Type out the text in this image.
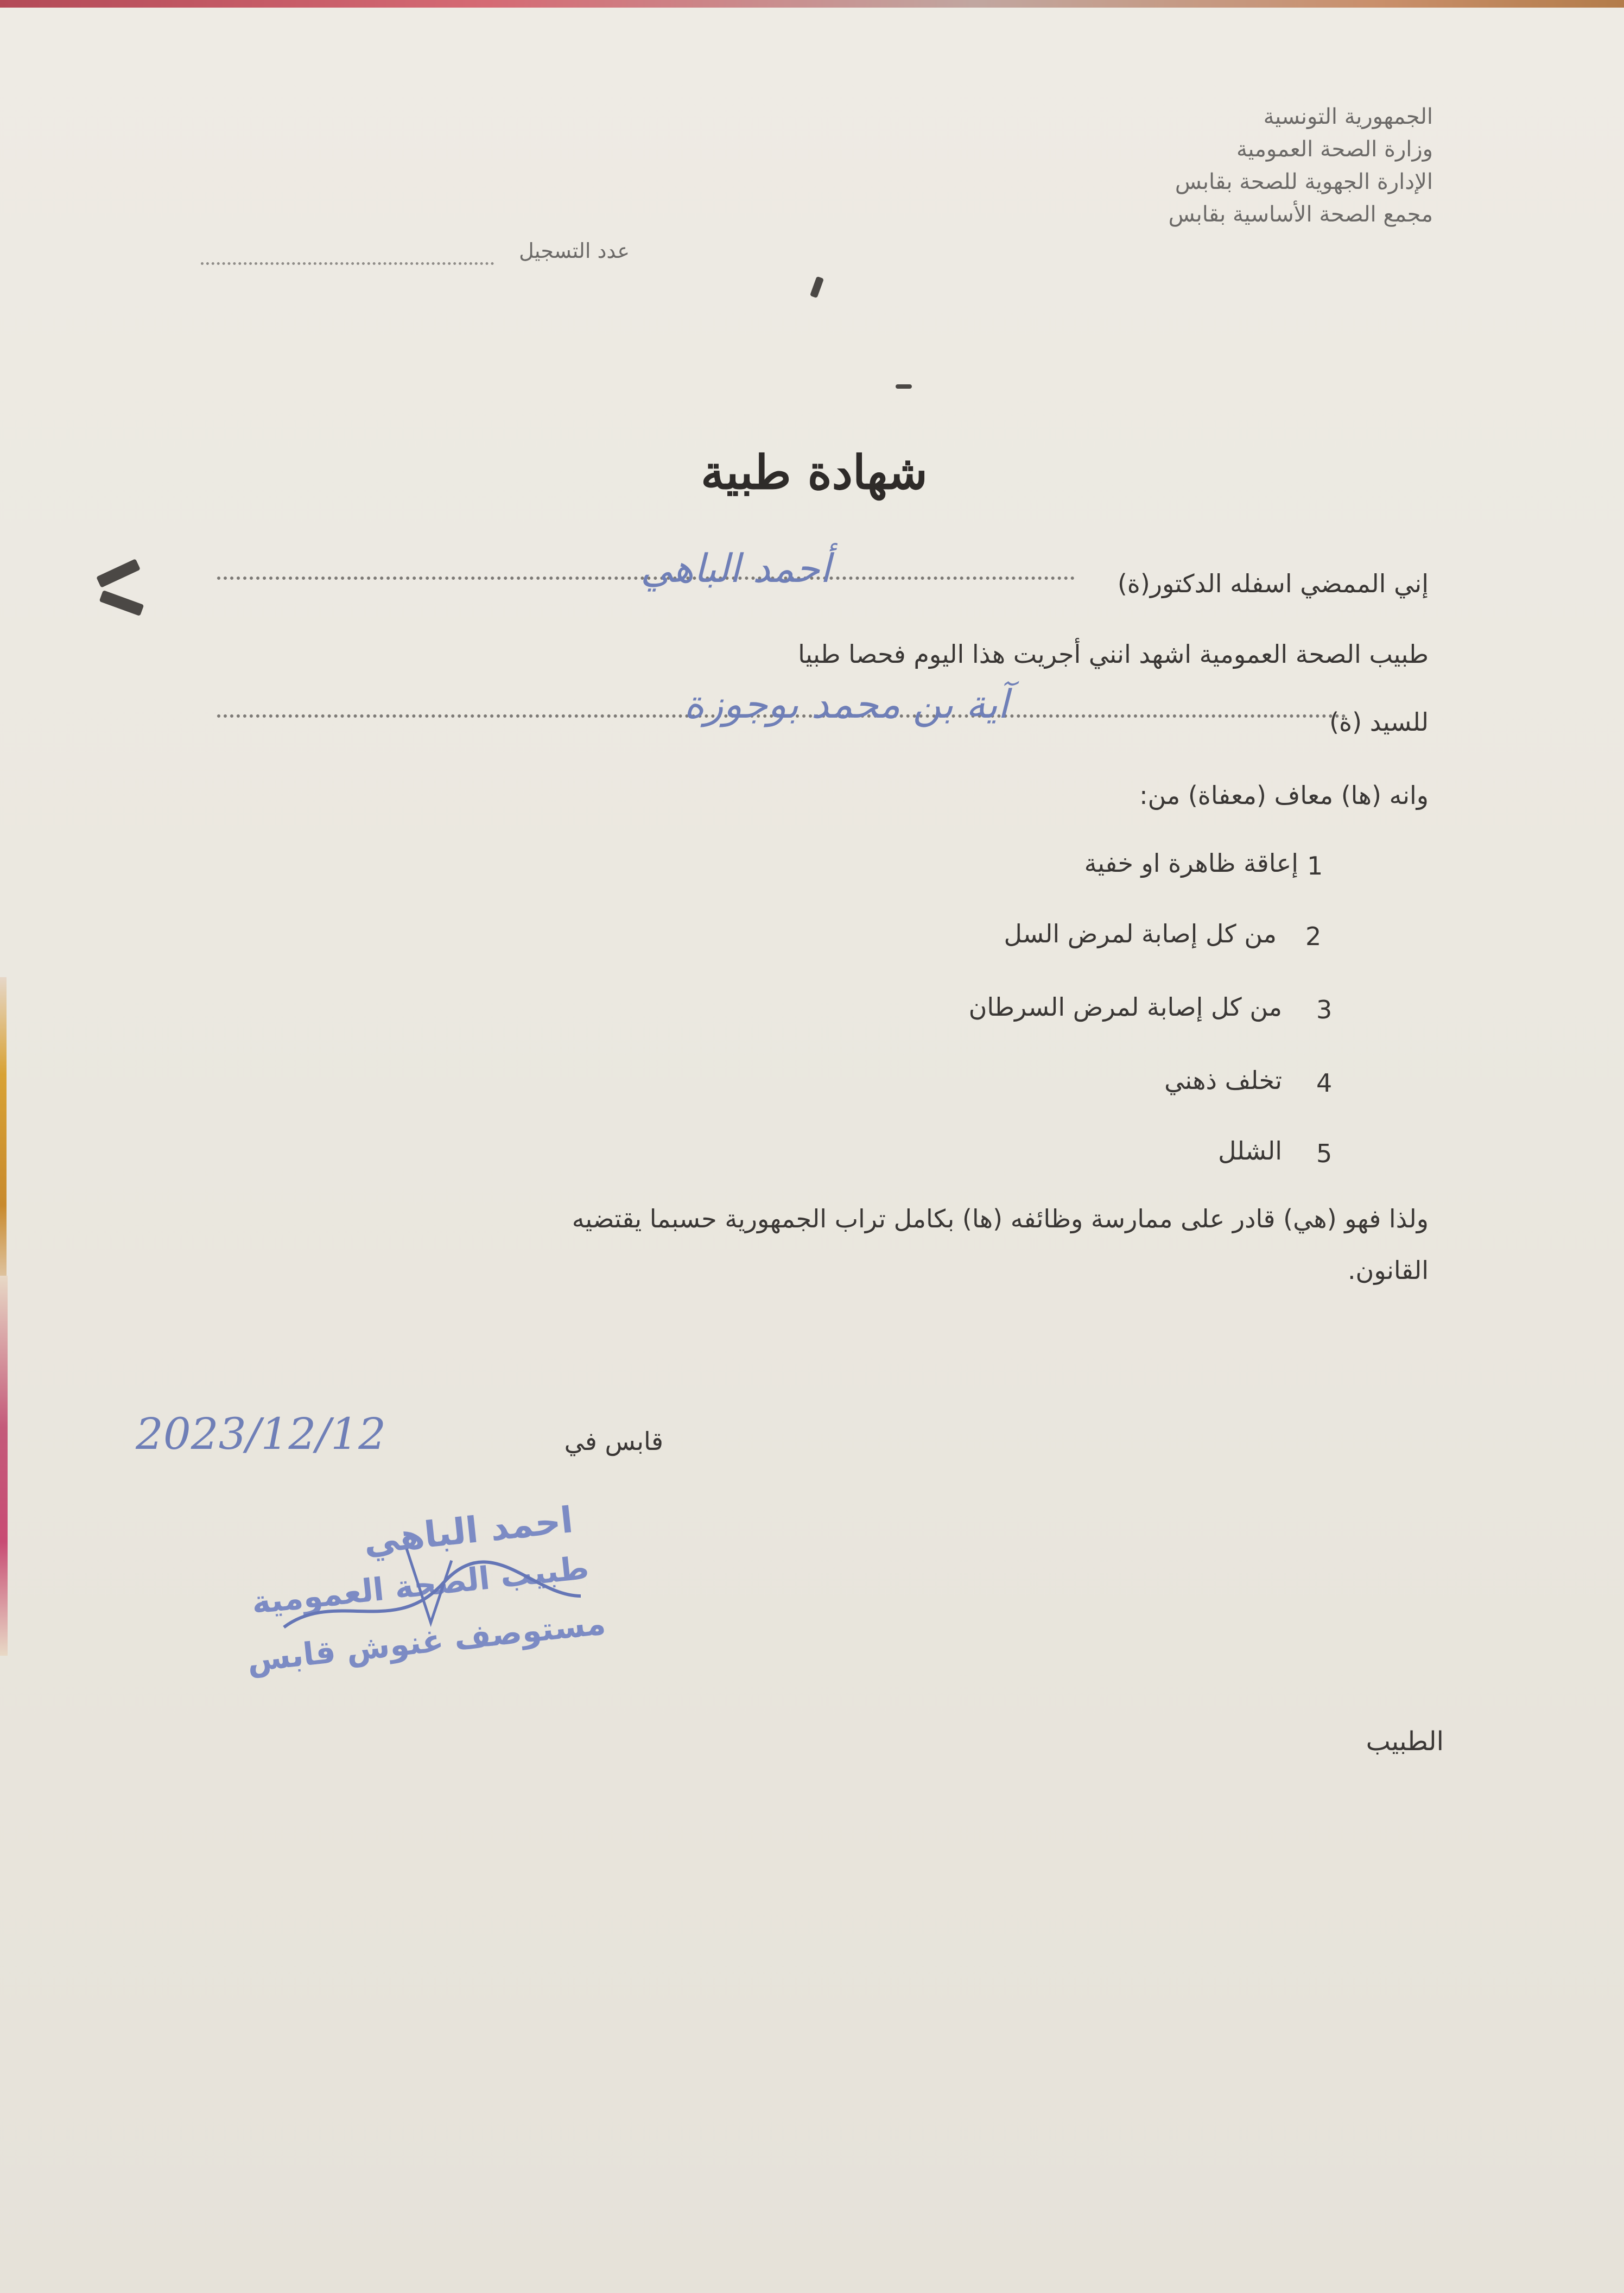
الجمهورية التونسية
وزارة الصحة العمومية
الإدارة الجهوية للصحة بقابس
مجمع الصحة الأساسية بقابس
عدد التسجيل
شهادة طبية
إني الممضي اسفله الدكتور(ة)
أحمد الباهي
طبيب الصحة العمومية اشهد انني أجريت هذا اليوم فحصا طبيا
للسيد (ة)
آية بن محمد بوجوزة
وانه (ها) معاف (معفاة) من:
إعاقة ظاهرة او خفية 1
من كل إصابة لمرض السل 2
من كل إصابة لمرض السرطان 3
تخلف ذهني 4
الشلل 5
ولذا فهو (هي) قادر على ممارسة وظائفه (ها) بكامل تراب الجمهورية حسبما يقتضيه
القانون.
2023/12/12	قابس في
احمد الباهي
طبيب الصحة العمومية
مستوصف غنوش قابس
الطبيب
